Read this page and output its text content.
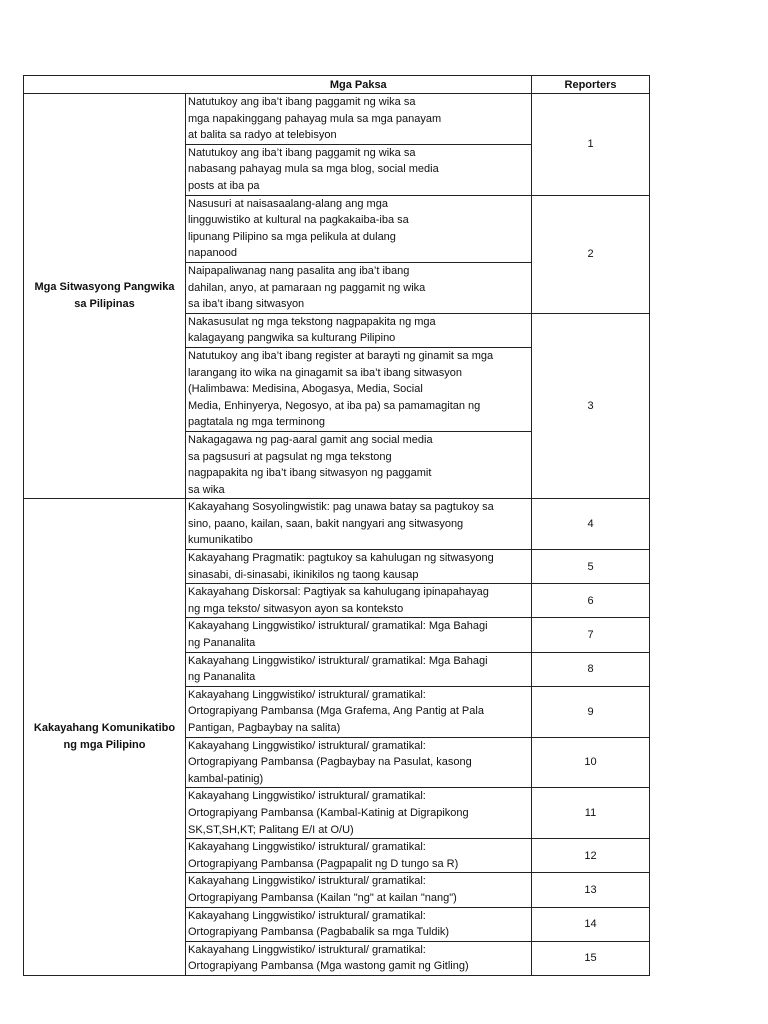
	Mga Paksa	Reporters
Mga Sitwasyong Pangwika
sa Pilipinas	Natutukoy ang iba’t ibang paggamit ng wika sa
mga napakinggang pahayag mula sa mga panayam
at balita sa radyo at telebisyon	1
	Natutukoy ang iba’t ibang paggamit ng wika sa
nabasang pahayag mula sa mga blog, social media
posts at iba pa	
	Nasusuri at naisasaalang-alang ang mga
lingguwistiko at kultural na pagkakaiba-iba sa
lipunang Pilipino sa mga pelikula at dulang
napanood	2
	Naipapaliwanag nang pasalita ang iba’t ibang
dahilan, anyo, at pamaraan ng paggamit ng wika
sa iba’t ibang sitwasyon	
	Nakasusulat ng mga tekstong nagpapakita ng mga
kalagayang pangwika sa kulturang Pilipino	3
	Natutukoy ang iba’t ibang register at barayti ng ginamit sa mga
larangang ito wika na ginagamit sa iba’t ibang sitwasyon
(Halimbawa: Medisina, Abogasya, Media, Social
Media, Enhinyerya, Negosyo, at iba pa) sa pamamagitan ng
pagtatala ng mga terminong	
	Nakagagawa ng pag-aaral gamit ang social media
sa pagsusuri at pagsulat ng mga tekstong
nagpapakita ng iba’t ibang sitwasyon ng paggamit
sa wika	
Kakayahang Komunikatibo
ng mga Pilipino	Kakayahang Sosyolingwistik: pag unawa batay sa pagtukoy sa
sino, paano, kailan, saan, bakit nangyari ang sitwasyong
kumunikatibo	4
	Kakayahang Pragmatik: pagtukoy sa kahulugan ng sitwasyong
sinasabi, di-sinasabi, ikinikilos ng taong kausap	5
	Kakayahang Diskorsal: Pagtiyak sa kahulugang ipinapahayag
ng mga teksto/ sitwasyon ayon sa konteksto	6
	Kakayahang Linggwistiko/ istruktural/ gramatikal: Mga Bahagi
ng Pananalita	7
	Kakayahang Linggwistiko/ istruktural/ gramatikal: Mga Bahagi
ng Pananalita	8
	Kakayahang Linggwistiko/ istruktural/ gramatikal:
Ortograpiyang Pambansa (Mga Grafema, Ang Pantig at Pala
Pantigan, Pagbaybay na salita)	9
	Kakayahang Linggwistiko/ istruktural/ gramatikal:
Ortograpiyang Pambansa (Pagbaybay na Pasulat, kasong
kambal-patinig)	10
	Kakayahang Linggwistiko/ istruktural/ gramatikal:
Ortograpiyang Pambansa (Kambal-Katinig at Digrapikong
SK,ST,SH,KT; Palitang E/I at O/U)	11
	Kakayahang Linggwistiko/ istruktural/ gramatikal:
Ortograpiyang Pambansa (Pagpapalit ng D tungo sa R)	12
	Kakayahang Linggwistiko/ istruktural/ gramatikal:
Ortograpiyang Pambansa (Kailan "ng" at kailan "nang")	13
	Kakayahang Linggwistiko/ istruktural/ gramatikal:
Ortograpiyang Pambansa (Pagbabalik sa mga Tuldik)	14
	Kakayahang Linggwistiko/ istruktural/ gramatikal:
Ortograpiyang Pambansa (Mga wastong gamit ng Gitling)	15
